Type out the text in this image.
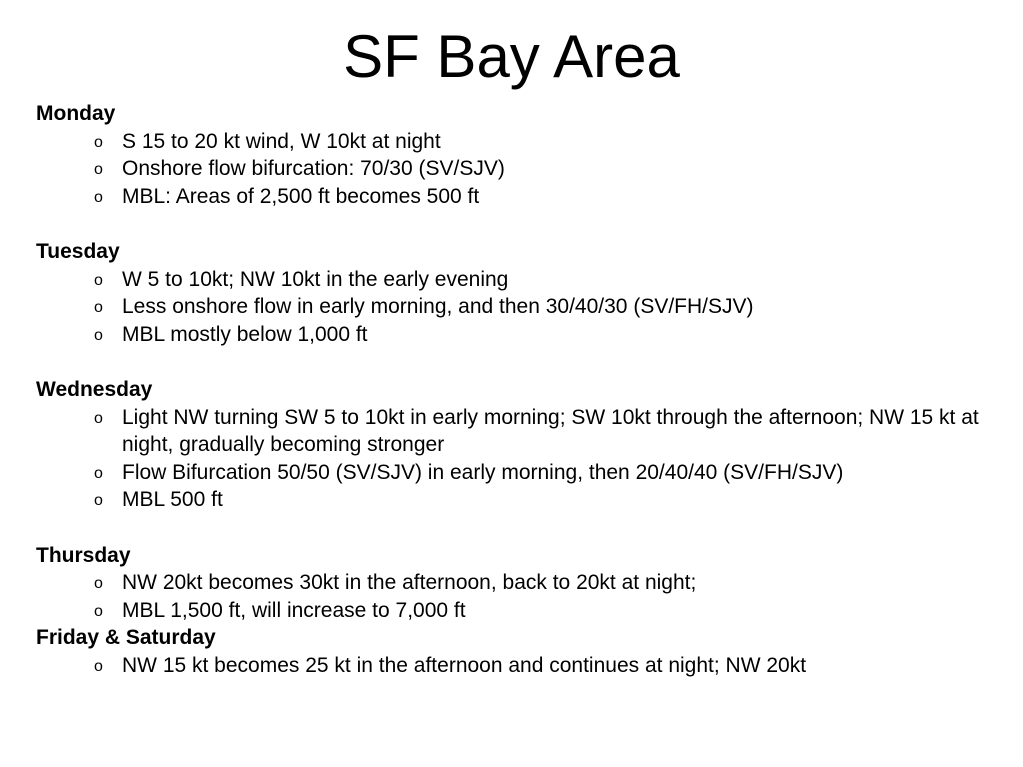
SF Bay Area
Monday
o S 15 to 20 kt wind, W 10kt at night
o Onshore flow bifurcation: 70/30 (SV/SJV)
o MBL: Areas of 2,500 ft becomes 500 ft
Tuesday
o W 5 to 10kt; NW 10kt in the early evening
o Less onshore flow in early morning, and then 30/40/30 (SV/FH/SJV)
o MBL mostly below 1,000 ft
Wednesday
o Light NW turning SW 5 to 10kt in early morning; SW 10kt through the afternoon; NW 15 kt at night, gradually becoming stronger
o Flow Bifurcation 50/50 (SV/SJV) in early morning, then 20/40/40 (SV/FH/SJV)
o MBL 500 ft
Thursday
o NW 20kt becomes 30kt in the afternoon, back to 20kt at night;
o MBL 1,500 ft, will increase to 7,000 ft
Friday & Saturday
o NW 15 kt becomes 25 kt in the afternoon and continues at night; NW 20kt
